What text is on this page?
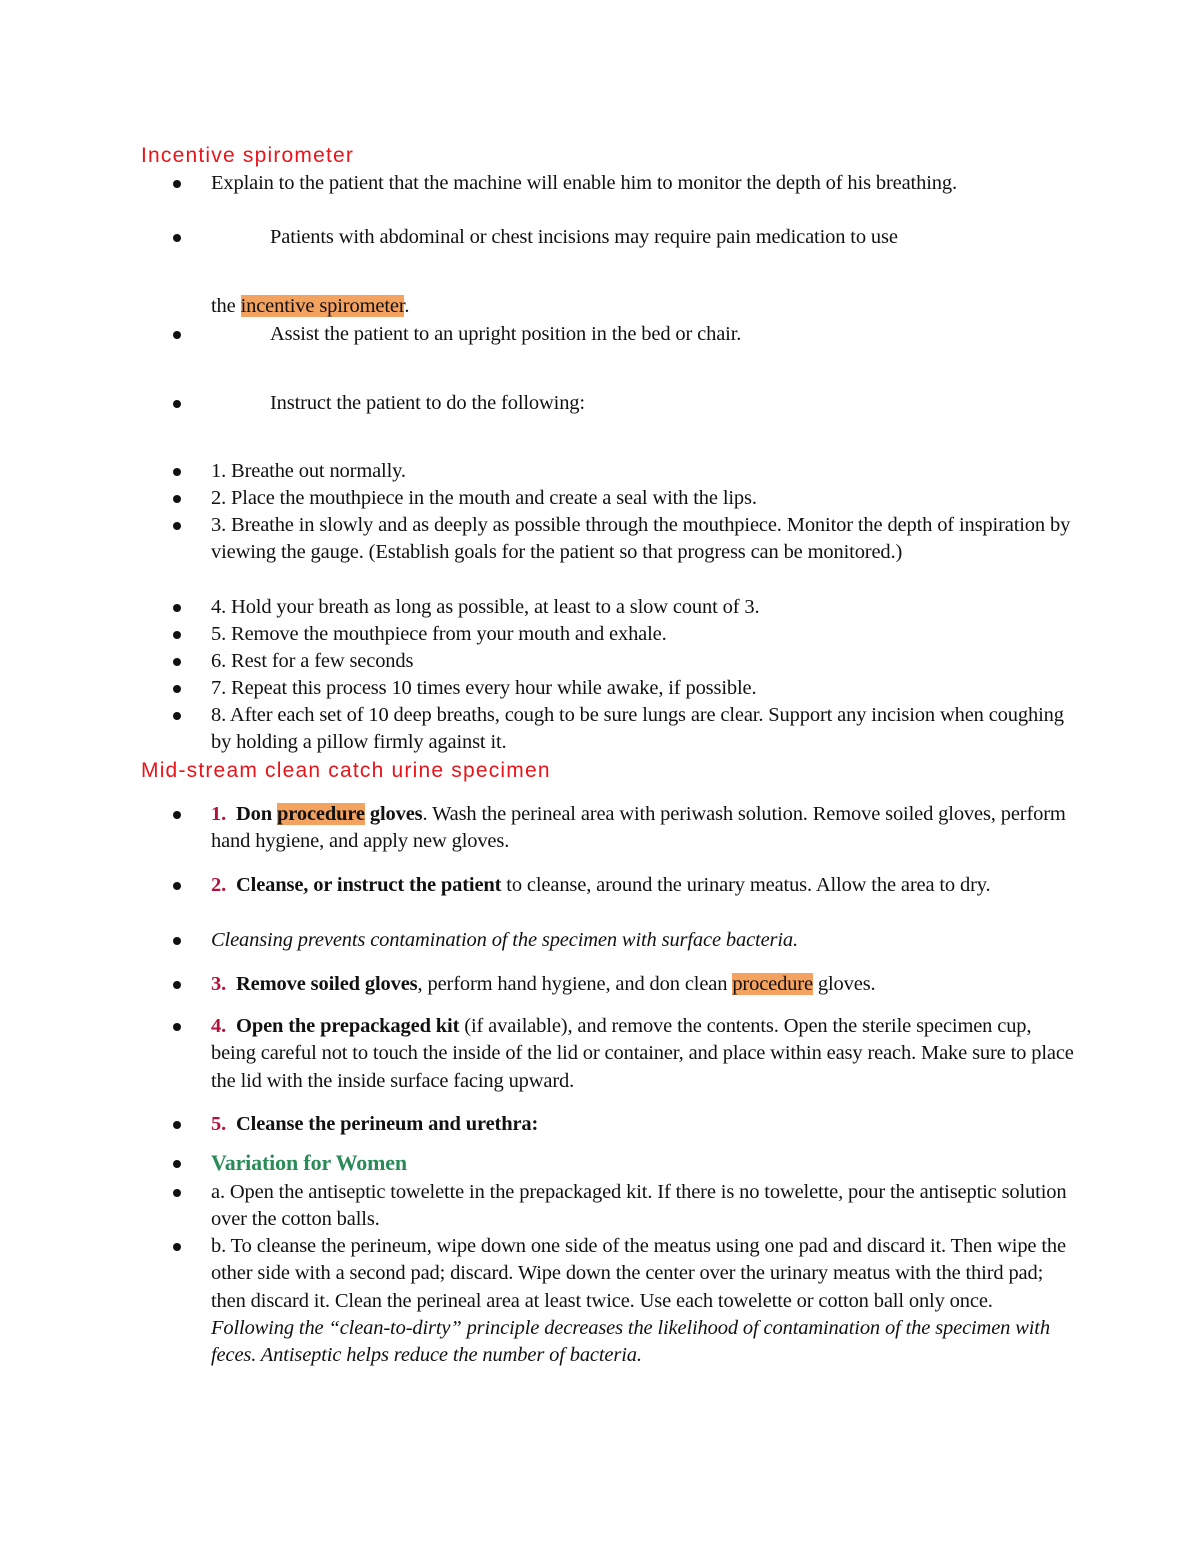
Incentive spirometer
Explain to the patient that the machine will enable him to monitor the depth of his breathing.
Patients with abdominal or chest incisions may require pain medication to use
the incentive spirometer.
Assist the patient to an upright position in the bed or chair.
Instruct the patient to do the following:
1. Breathe out normally.
2. Place the mouthpiece in the mouth and create a seal with the lips.
3. Breathe in slowly and as deeply as possible through the mouthpiece. Monitor the depth of inspiration by viewing the gauge. (Establish goals for the patient so that progress can be monitored.)
4. Hold your breath as long as possible, at least to a slow count of 3.
5. Remove the mouthpiece from your mouth and exhale.
6. Rest for a few seconds
7. Repeat this process 10 times every hour while awake, if possible.
8. After each set of 10 deep breaths, cough to be sure lungs are clear. Support any incision when coughing by holding a pillow firmly against it.
Mid-stream clean catch urine specimen
1. Don procedure gloves. Wash the perineal area with periwash solution. Remove soiled gloves, perform hand hygiene, and apply new gloves.
2. Cleanse, or instruct the patient to cleanse, around the urinary meatus. Allow the area to dry.
Cleansing prevents contamination of the specimen with surface bacteria.
3. Remove soiled gloves, perform hand hygiene, and don clean procedure gloves.
4. Open the prepackaged kit (if available), and remove the contents. Open the sterile specimen cup, being careful not to touch the inside of the lid or container, and place within easy reach. Make sure to place the lid with the inside surface facing upward.
5. Cleanse the perineum and urethra:
Variation for Women
a. Open the antiseptic towelette in the prepackaged kit. If there is no towelette, pour the antiseptic solution over the cotton balls.
b. To cleanse the perineum, wipe down one side of the meatus using one pad and discard it. Then wipe the other side with a second pad; discard. Wipe down the center over the urinary meatus with the third pad; then discard it. Clean the perineal area at least twice. Use each towelette or cotton ball only once.
Following the “clean-to-dirty” principle decreases the likelihood of contamination of the specimen with feces. Antiseptic helps reduce the number of bacteria.
